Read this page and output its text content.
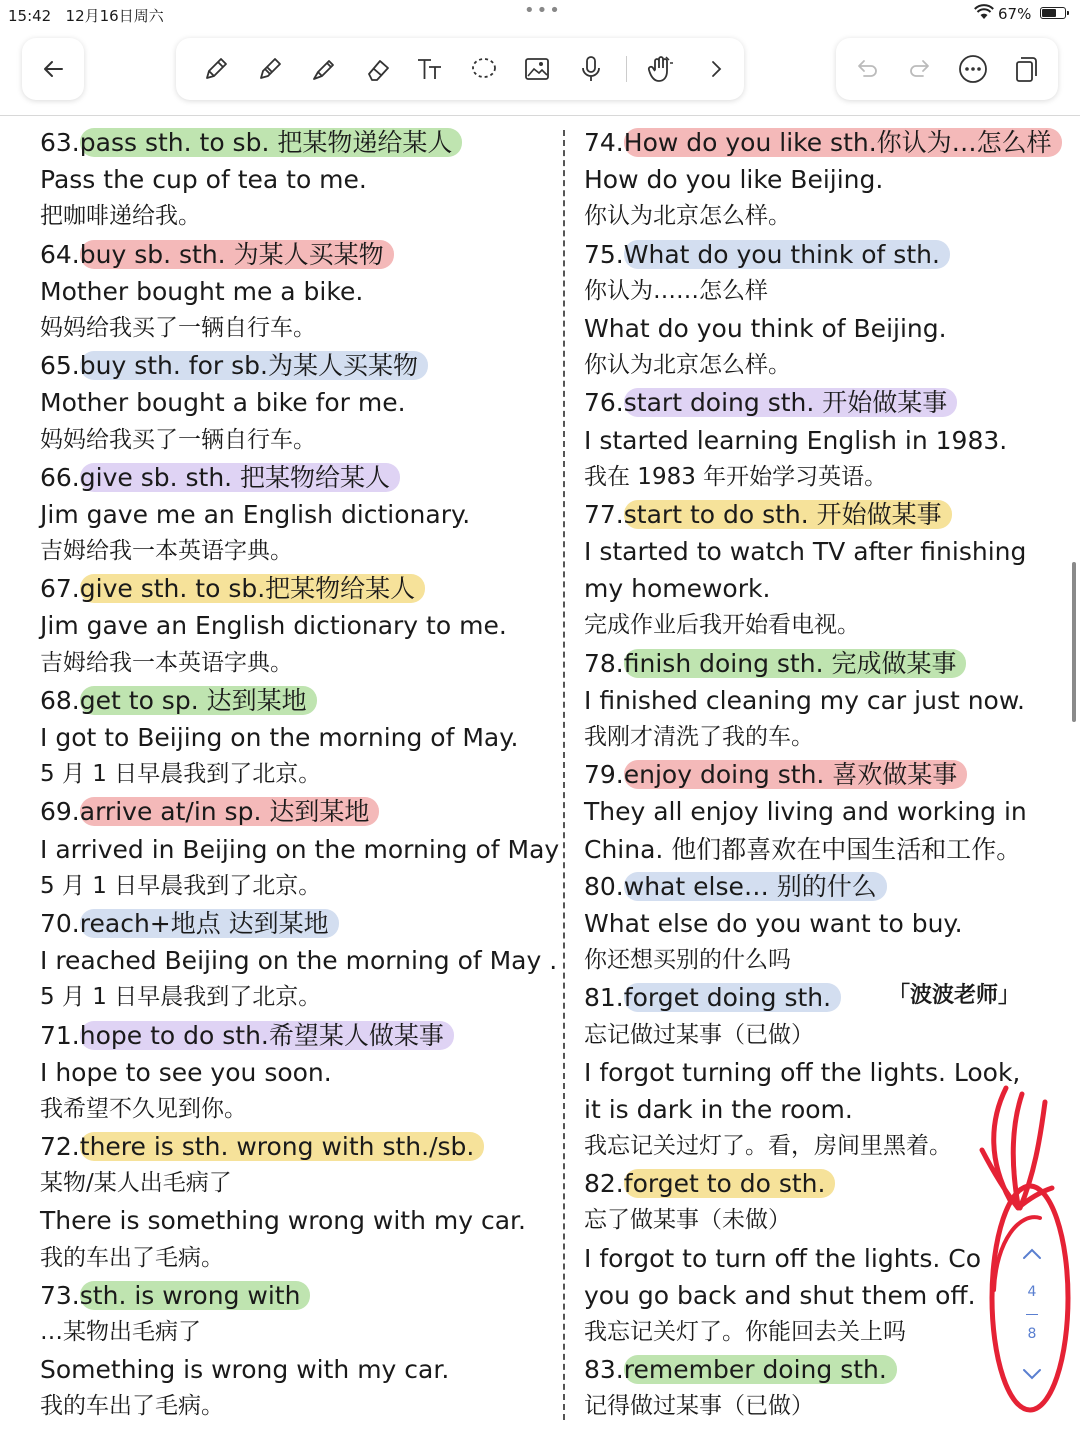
15:42 12月16日周六	•••	67%
63.pass sth. to sb. 把某物递给某人
Pass the cup of tea to me.
把咖啡递给我。
64.buy sb. sth. 为某人买某物
Mother bought me a bike.
妈妈给我买了一辆自行车。
65.buy sth. for sb.为某人买某物
Mother bought a bike for me.
妈妈给我买了一辆自行车。
66.give sb. sth. 把某物给某人
Jim gave me an English dictionary.
吉姆给我一本英语字典。
67.give sth. to sb.把某物给某人
Jim gave an English dictionary to me.
吉姆给我一本英语字典。
68.get to sp. 达到某地
I got to Beijing on the morning of May.
5 月 1 日早晨我到了北京。
69.arrive at/in sp. 达到某地
I arrived in Beijing on the morning of May
5 月 1 日早晨我到了北京。
70.reach+地点 达到某地
I reached Beijing on the morning of May .
5 月 1 日早晨我到了北京。
71.hope to do sth.希望某人做某事
I hope to see you soon.
我希望不久见到你。
72.there is sth. wrong with sth./sb.
某物/某人出毛病了
There is something wrong with my car.
我的车出了毛病。
73.sth. is wrong with
…某物出毛病了
Something is wrong with my car.
我的车出了毛病。
74.How do you like sth.你认为…怎么样
How do you like Beijing.
你认为北京怎么样。
75.What do you think of sth.
你认为……怎么样
What do you think of Beijing.
你认为北京怎么样。
76.start doing sth. 开始做某事
I started learning English in 1983.
我在 1983 年开始学习英语。
77.start to do sth. 开始做某事
I started to watch TV after finishing
my homework.
完成作业后我开始看电视。
78.finish doing sth. 完成做某事
I finished cleaning my car just now.
我刚才清洗了我的车。
79.enjoy doing sth. 喜欢做某事
They all enjoy living and working in
China. 他们都喜欢在中国生活和工作。
80.what else… 别的什么
What else do you want to buy.
你还想买别的什么吗
81.forget doing sth.
忘记做过某事（已做）
I forgot turning off the lights. Look,
it is dark in the room.
我忘记关过灯了。看，房间里黑着。
82.forget to do sth.
忘了做某事（未做）
I forgot to turn off the lights. Co
you go back and shut them off.
我忘记关灯了。你能回去关上吗
83.remember doing sth.
记得做过某事（已做）
「波波老师」
4
8
